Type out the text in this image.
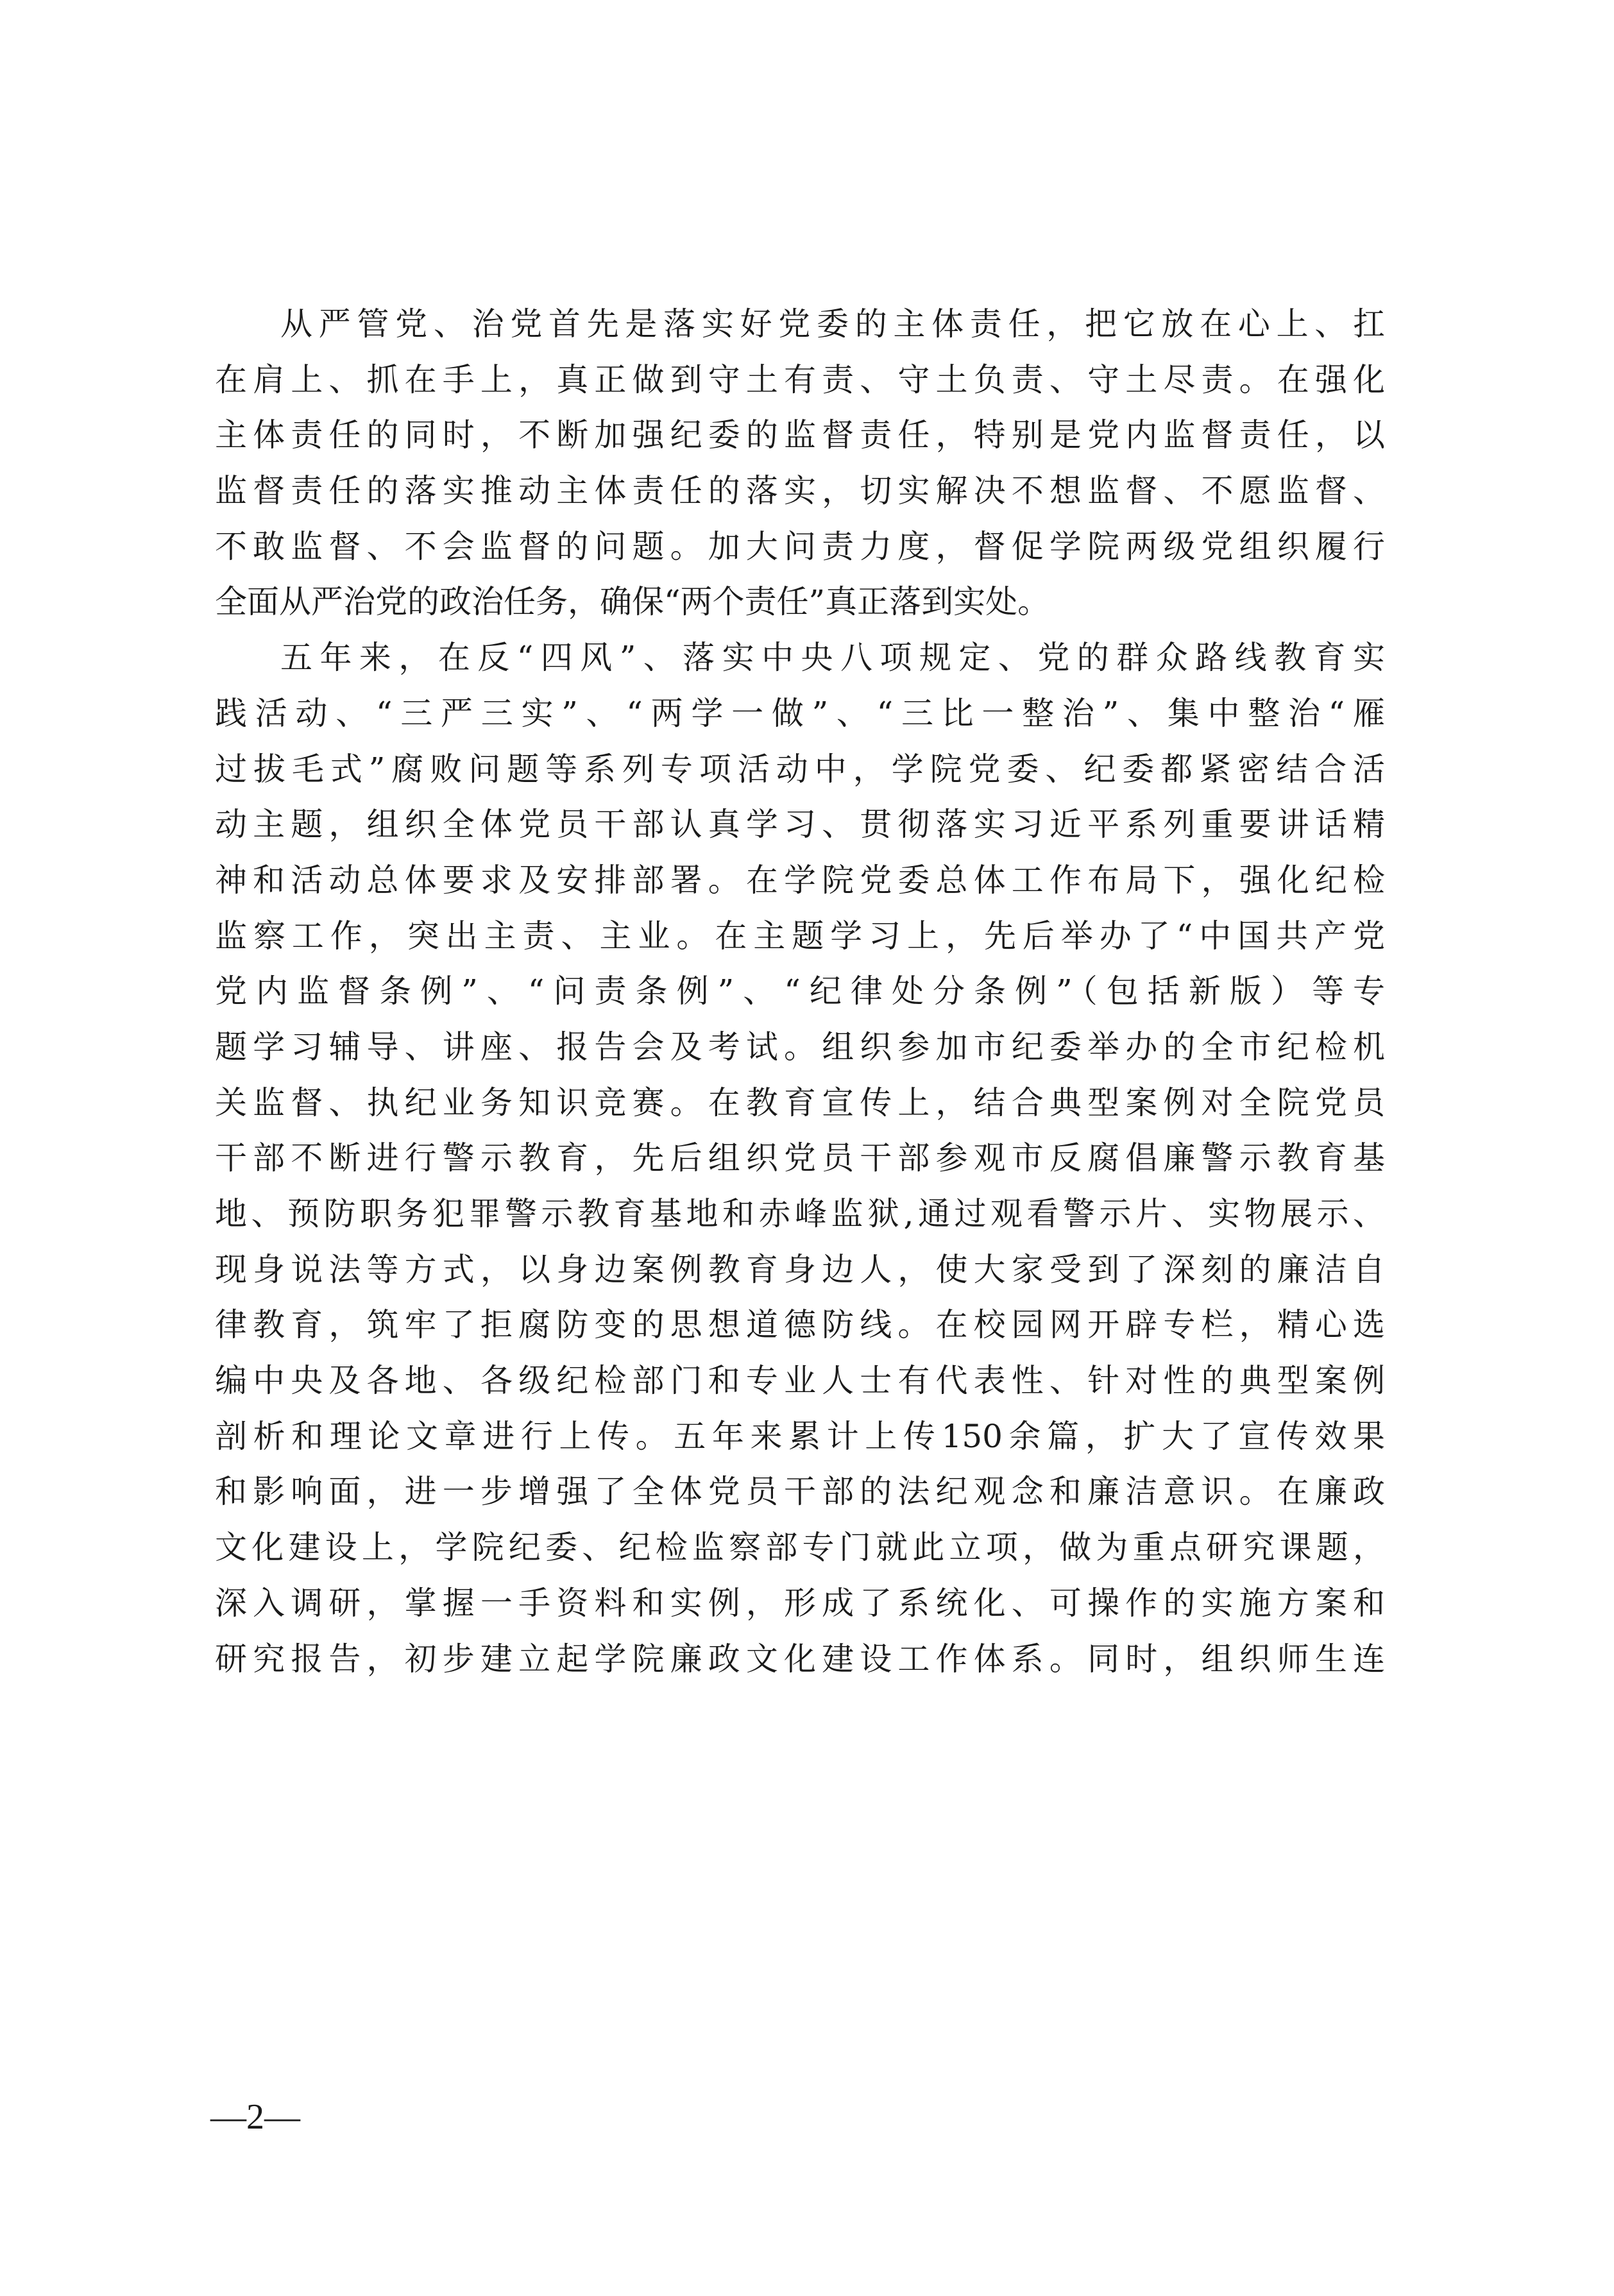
从严管党、治党首先是落实好党委的主体责任，把它放在心上、扛
在肩上、抓在手上，真正做到守土有责、守土负责、守土尽责。在强化
主体责任的同时，不断加强纪委的监督责任，特别是党内监督责任，以
监督责任的落实推动主体责任的落实，切实解决不想监督、不愿监督、
不敢监督、不会监督的问题。加大问责力度，督促学院两级党组织履行
全面从严治党的政治任务，确保“两个责任”真正落到实处。
五年来，在反“四风”、落实中央八项规定、党的群众路线教育实
践活动、“三严三实”、“两学一做”、“三比一整治”、集中整治“雁
过拔毛式”腐败问题等系列专项活动中，学院党委、纪委都紧密结合活
动主题，组织全体党员干部认真学习、贯彻落实习近平系列重要讲话精
神和活动总体要求及安排部署。在学院党委总体工作布局下，强化纪检
监察工作，突出主责、主业。在主题学习上，先后举办了“中国共产党
党内监督条例”、“问责条例”、“纪律处分条例”（包括新版）等专
题学习辅导、讲座、报告会及考试。组织参加市纪委举办的全市纪检机
关监督、执纪业务知识竞赛。在教育宣传上，结合典型案例对全院党员
干部不断进行警示教育，先后组织党员干部参观市反腐倡廉警示教育基
地、预防职务犯罪警示教育基地和赤峰监狱,通过观看警示片、实物展示、
现身说法等方式，以身边案例教育身边人，使大家受到了深刻的廉洁自
律教育，筑牢了拒腐防变的思想道德防线。在校园网开辟专栏，精心选
编中央及各地、各级纪检部门和专业人士有代表性、针对性的典型案例
剖析和理论文章进行上传。五年来累计上传150余篇，扩大了宣传效果
和影响面，进一步增强了全体党员干部的法纪观念和廉洁意识。在廉政
文化建设上，学院纪委、纪检监察部专门就此立项，做为重点研究课题，
深入调研，掌握一手资料和实例，形成了系统化、可操作的实施方案和
研究报告，初步建立起学院廉政文化建设工作体系。同时，组织师生连
—2—
